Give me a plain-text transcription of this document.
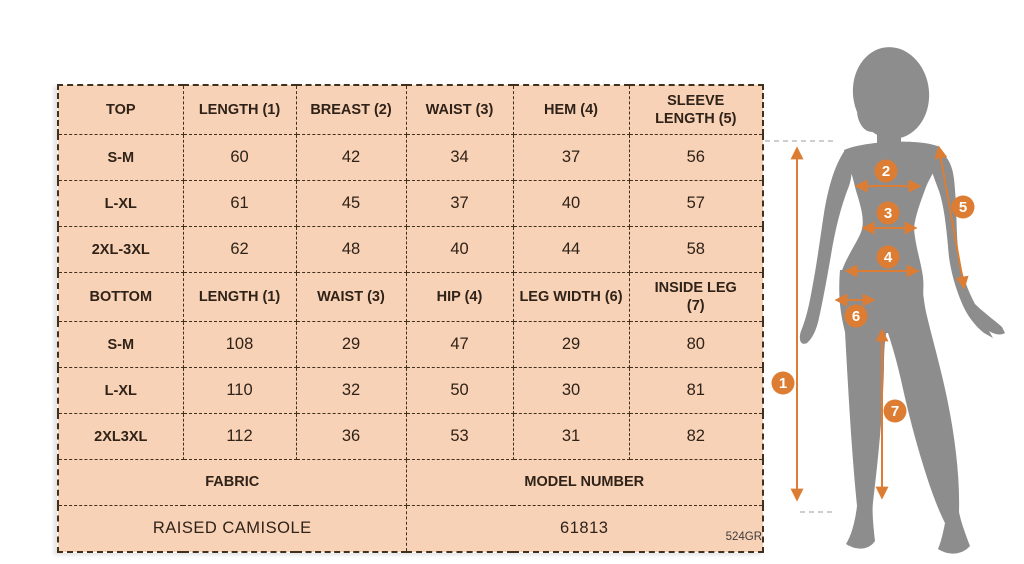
TOP	LENGTH (1)	BREAST (2)	WAIST (3)	HEM (4)	SLEEVE LENGTH (5)
S-M	60	42	34	37	56
L-XL	61	45	37	40	57
2XL-3XL	62	48	40	44	58
BOTTOM	LENGTH (1)	WAIST (3)	HIP (4)	LEG WIDTH (6)	INSIDE LEG (7)
S-M	108	29	47	29	80
L-XL	110	32	50	30	81
2XL3XL	112	36	53	31	82
FABRIC			MODEL NUMBER		
RAISED CAMISOLE			61813		
524GR
1
2
3
4
5
6
7
